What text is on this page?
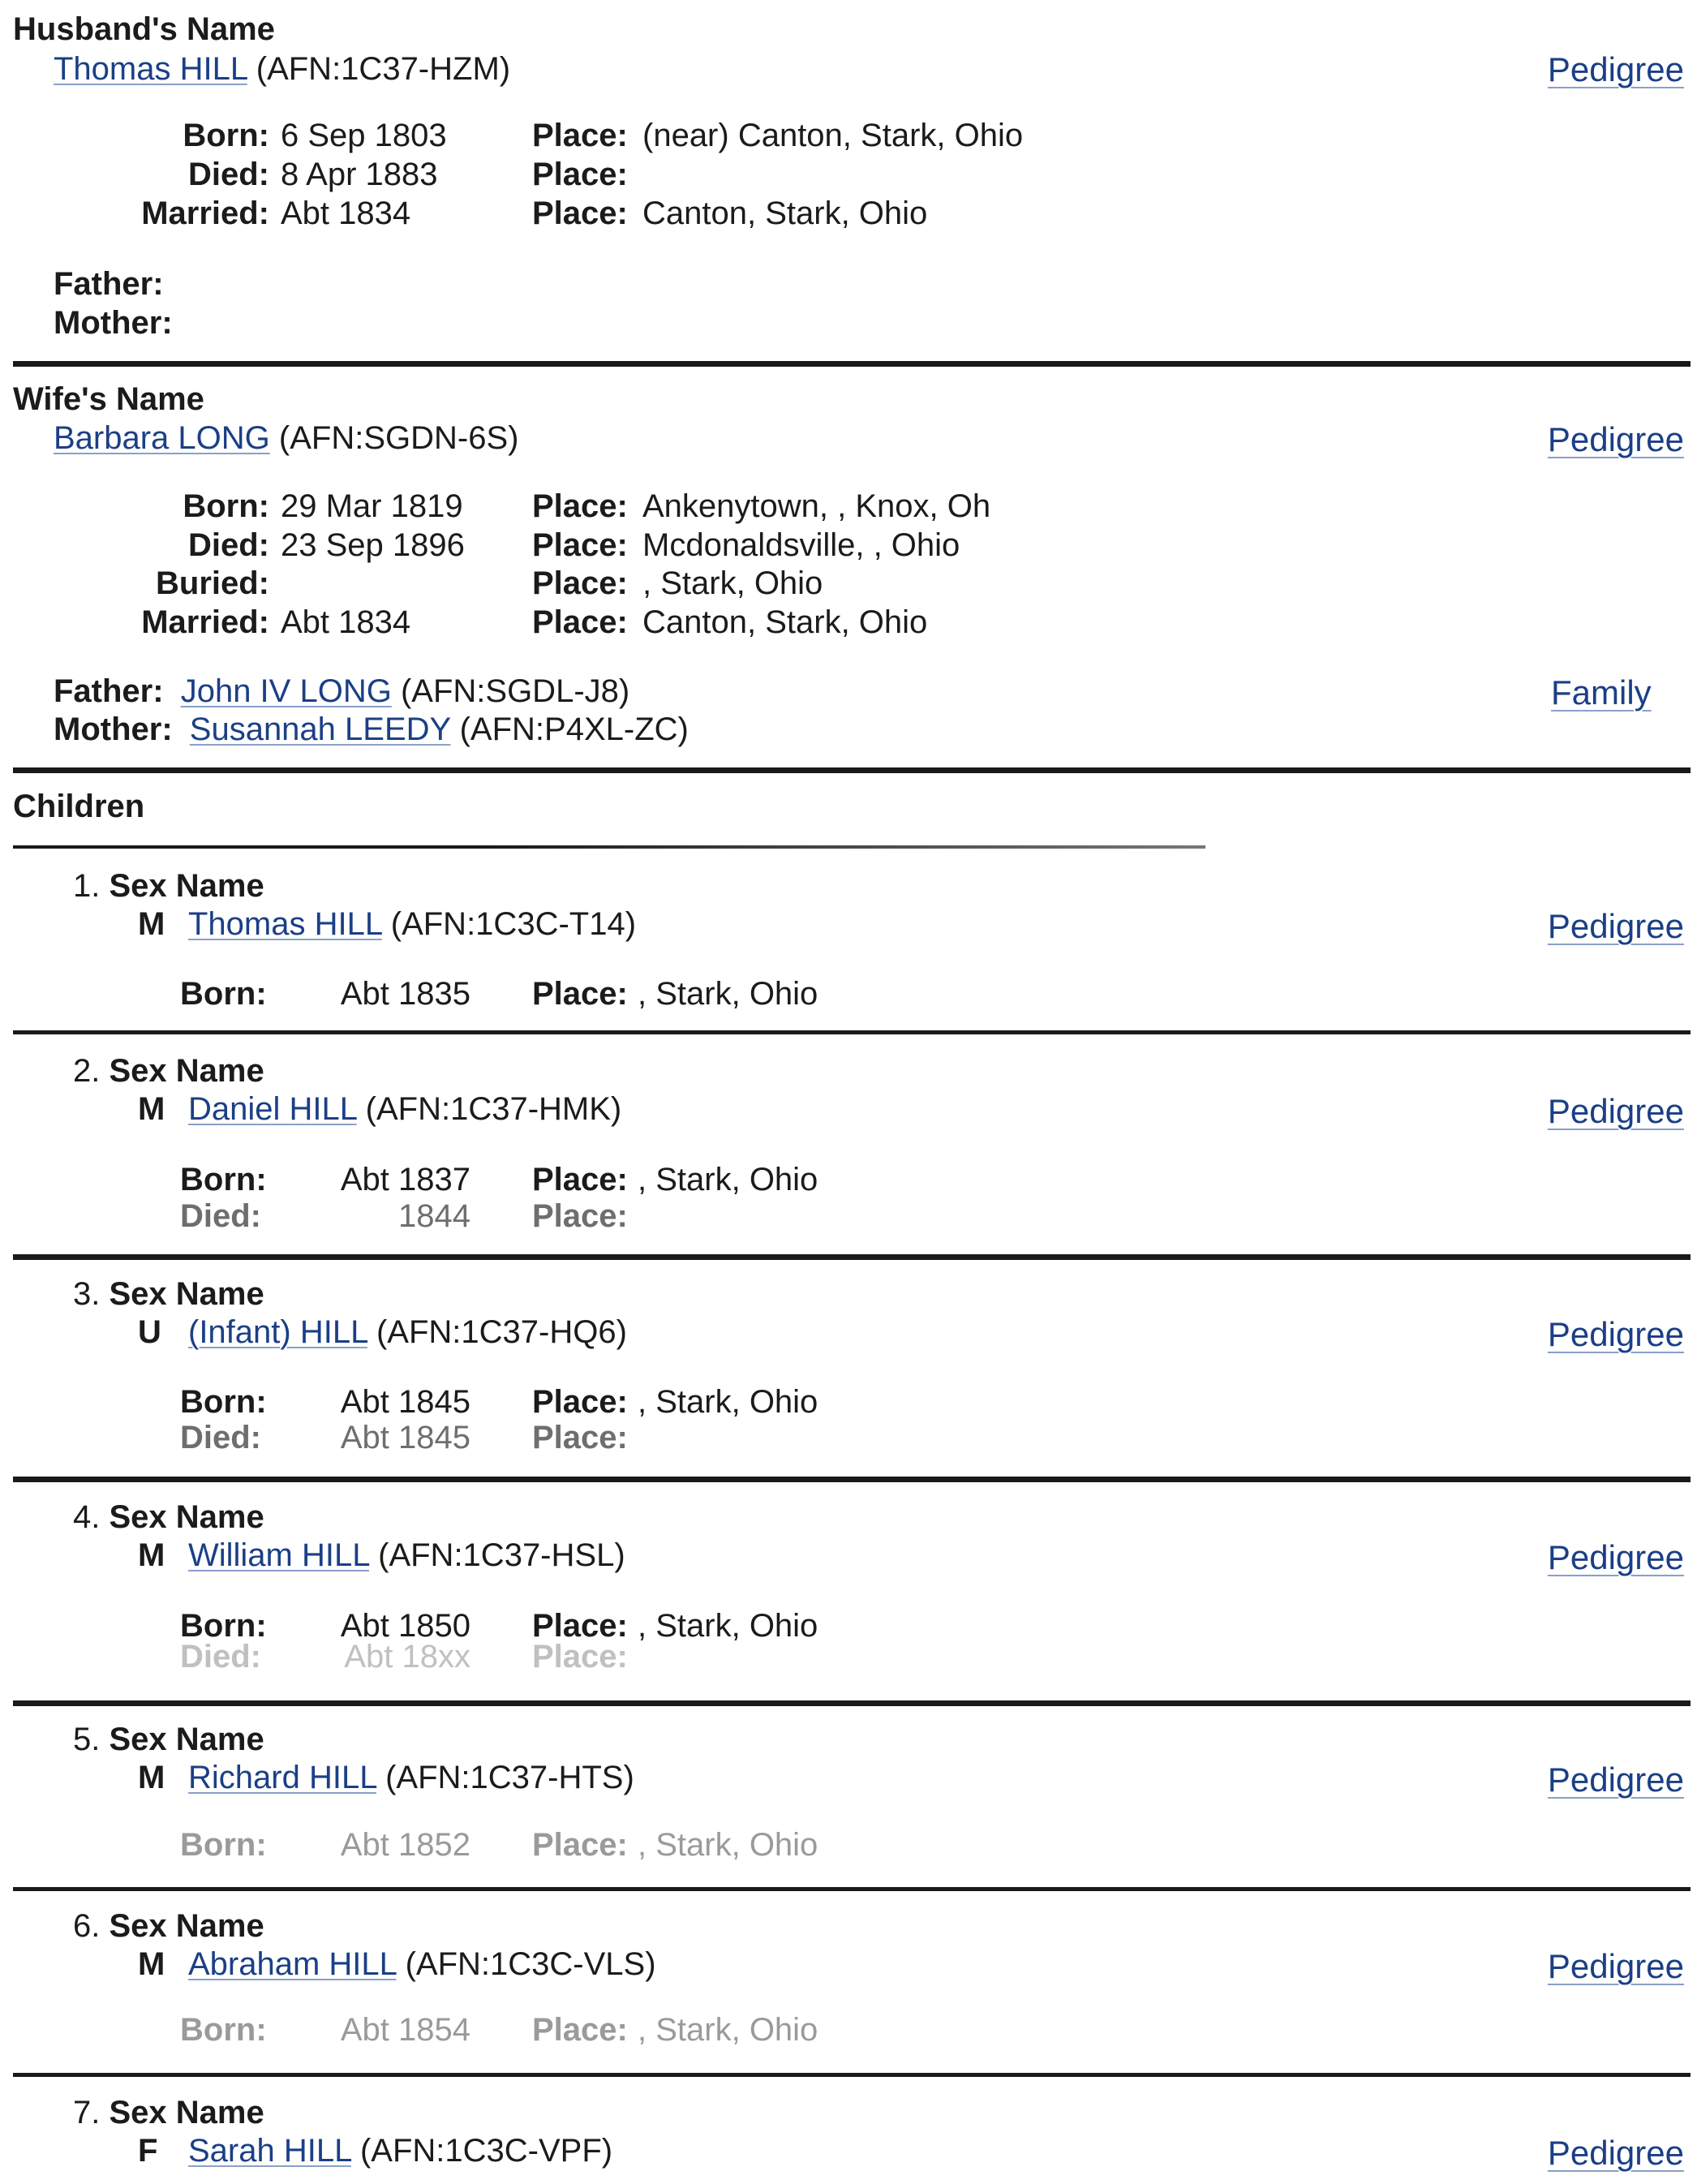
Husband's Name
Thomas HILL (AFN:1C37-HZM)	Pedigree
Born: 6 Sep 1803	Place: (near) Canton, Stark, Ohio
Died: 8 Apr 1883	Place:
Married: Abt 1834	Place: Canton, Stark, Ohio
Father:
Mother:
Wife's Name
Barbara LONG (AFN:SGDN-6S)	Pedigree
Born: 29 Mar 1819 Place: Ankenytown, , Knox, Oh
Died: 23 Sep 1896 Place: Mcdonaldsville, , Ohio
Buried:	Place: , Stark, Ohio
Married: Abt 1834	Place: Canton, Stark, Ohio
Father: John IV LONG (AFN:SGDL-J8)	Family
Mother: Susannah LEEDY (AFN:P4XL-ZC)
Children
1. Sex Name
M Thomas HILL (AFN:1C3C-T14)	Pedigree
Born: Abt 1835 Place: , Stark, Ohio
2. Sex Name
M Daniel HILL (AFN:1C37-HMK)	Pedigree
Born: Abt 1837 Place: , Stark, Ohio
Died:	1844 Place:
3. Sex Name
U (Infant) HILL (AFN:1C37-HQ6)	Pedigree
Born: Abt 1845 Place: , Stark, Ohio
Died: Abt 1845 Place:
4. Sex Name
M William HILL (AFN:1C37-HSL)	Pedigree
Born: Abt 1850 Place: , Stark, Ohio
Died:	Abt 18xx Place:
5. Sex Name
M Richard HILL (AFN:1C37-HTS)	Pedigree
Born: Abt 1852 Place: , Stark, Ohio
6. Sex Name
M Abraham HILL (AFN:1C3C-VLS)	Pedigree
Born: Abt 1854 Place: , Stark, Ohio
7. Sex Name
F Sarah HILL (AFN:1C3C-VPF)	Pedigree
